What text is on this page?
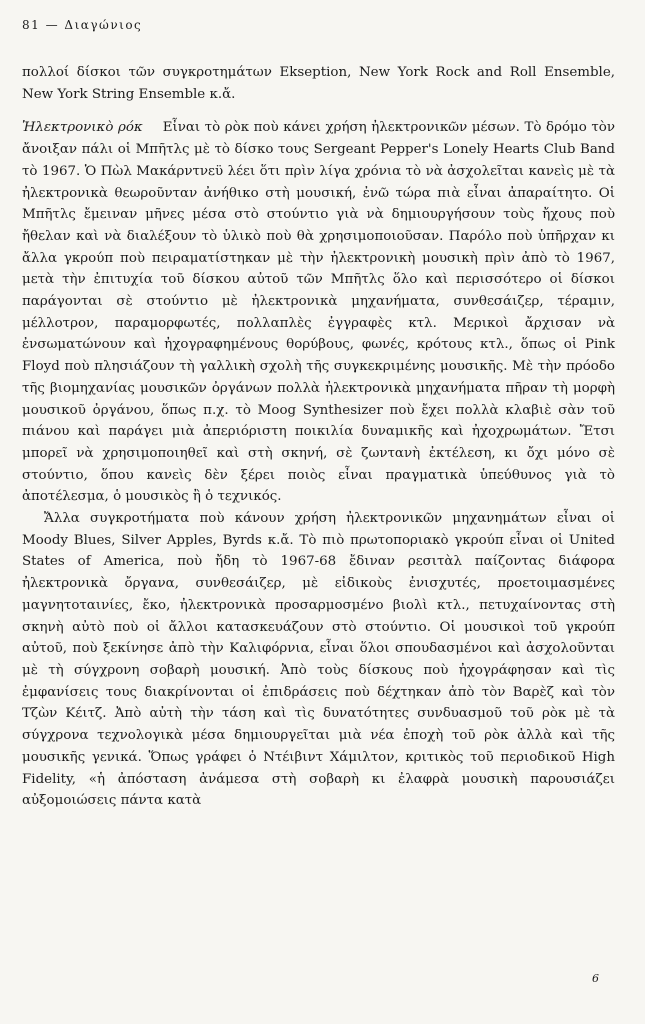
81 — Διαγώνιος

πολλοί δίσκοι τῶν συγκροτημάτων Ekseption, New York Rock and Roll Ensemble, New York String Ensemble κ.ἄ.

Ἠλεκτρονικὸ ρόκ Εἶναι τὸ ρὸκ ποὺ κάνει χρήση ἠλεκτρονικῶν μέσων. Τὸ δρόμο τὸν ἄνοιξαν πάλι οἱ Μπῆτλς μὲ τὸ δίσκο τους Sergeant Pepper's Lonely Hearts Club Band τὸ 1967. Ὁ Πὼλ Μακάρντνεϋ λέει ὅτι πρὶν λίγα χρόνια τὸ νὰ ἀσχολεῖται κανεὶς μὲ τὰ ἠλεκτρονικὰ θεωροῦνταν ἀνήθικο στὴ μουσική, ἐνῶ τώρα πιὰ εἶναι ἀπαραίτητο. Οἱ Μπῆτλς ἔμειναν μῆνες μέσα στὸ στούντιο γιὰ νὰ δημιουργήσουν τοὺς ἤχους ποὺ ἤθελαν καὶ νὰ διαλέξουν τὸ ὑλικὸ ποὺ θὰ χρησιμοποιοῦσαν. Παρόλο ποὺ ὑπῆρχαν κι ἄλλα γκρούπ ποὺ πειραματίστηκαν μὲ τὴν ἠλεκτρονικὴ μουσικὴ πρὶν ἀπὸ τὸ 1967, μετὰ τὴν ἐπιτυχία τοῦ δίσκου αὐτοῦ τῶν Μπῆτλς ὅλο καὶ περισσότερο οἱ δίσκοι παράγονται σὲ στούντιο μὲ ἠλεκτρονικὰ μηχανήματα, συνθεσάιζερ, τέραμιν, μέλλοτρον, παραμορφωτές, πολλαπλὲς ἐγγραφὲς κτλ. Μερικοὶ ἄρχισαν νὰ ἐνσωματώνουν καὶ ἠχογραφημένους θορύβους, φωνές, κρότους κτλ., ὅπως οἱ Pink Floyd ποὺ πλησιάζουν τὴ γαλλικὴ σχολὴ τῆς συγκεκριμένης μουσικῆς. Μὲ τὴν πρόοδο τῆς βιομηχανίας μουσικῶν ὀργάνων πολλὰ ἠλεκτρονικὰ μηχανήματα πῆραν τὴ μορφὴ μουσικοῦ ὀργάνου, ὅπως π.χ. τὸ Moog Synthesizer ποὺ ἔχει πολλὰ κλαβιὲ σὰν τοῦ πιάνου καὶ παράγει μιὰ ἀπεριόριστη ποικιλία δυναμικῆς καὶ ἠχοχρωμάτων. Ἔτσι μπορεῖ νὰ χρησιμοποιηθεῖ καὶ στὴ σκηνή, σὲ ζωντανὴ ἐκτέλεση, κι ὄχι μόνο σὲ στούντιο, ὅπου κανεὶς δὲν ξέρει ποιὸς εἶναι πραγματικὰ ὑπεύθυνος γιὰ τὸ ἀποτέλεσμα, ὁ μουσικὸς ἢ ὁ τεχνικός.

Ἄλλα συγκροτήματα ποὺ κάνουν χρήση ἠλεκτρονικῶν μηχανημάτων εἶναι οἱ Moody Blues, Silver Apples, Byrds κ.ἄ. Τὸ πιὸ πρωτοποριακὸ γκρούπ εἶναι οἱ United States of America, ποὺ ἤδη τὸ 1967-68 ἔδιναν ρεσιτὰλ παίζοντας διάφορα ἠλεκτρονικὰ ὄργανα, συνθεσάιζερ, μὲ εἰδικοὺς ἐνισχυτές, προετοιμασμένες μαγνητοταινίες, ἔκο, ἠλεκτρονικὰ προσαρμοσμένο βιολὶ κτλ., πετυχαίνοντας στὴ σκηνὴ αὐτὸ ποὺ οἱ ἄλλοι κατασκευάζουν στὸ στούντιο. Οἱ μουσικοὶ τοῦ γκρούπ αὐτοῦ, ποὺ ξεκίνησε ἀπὸ τὴν Καλιφόρνια, εἶναι ὅλοι σπουδασμένοι καὶ ἀσχολοῦνται μὲ τὴ σύγχρονη σοβαρὴ μουσική. Ἀπὸ τοὺς δίσκους ποὺ ἠχογράφησαν καὶ τὶς ἐμφανίσεις τους διακρίνονται οἱ ἐπιδράσεις ποὺ δέχτηκαν ἀπὸ τὸν Βαρὲζ καὶ τὸν Τζὼν Κέιτζ. Ἀπὸ αὐτὴ τὴν τάση καὶ τὶς δυνατότητες συνδυασμοῦ τοῦ ρὸκ μὲ τὰ σύγχρονα τεχνολογικὰ μέσα δημιουργεῖται μιὰ νέα ἐποχὴ τοῦ ρὸκ ἀλλὰ καὶ τῆς μουσικῆς γενικά. Ὅπως γράφει ὁ Ντέιβιντ Χάμιλτον, κριτικὸς τοῦ περιοδικοῦ High Fidelity, «ἡ ἀπόσταση ἀνάμεσα στὴ σοβαρὴ κι ἐλαφρὰ μουσικὴ παρουσιάζει αὐξομοιώσεις πάντα κατὰ

6
